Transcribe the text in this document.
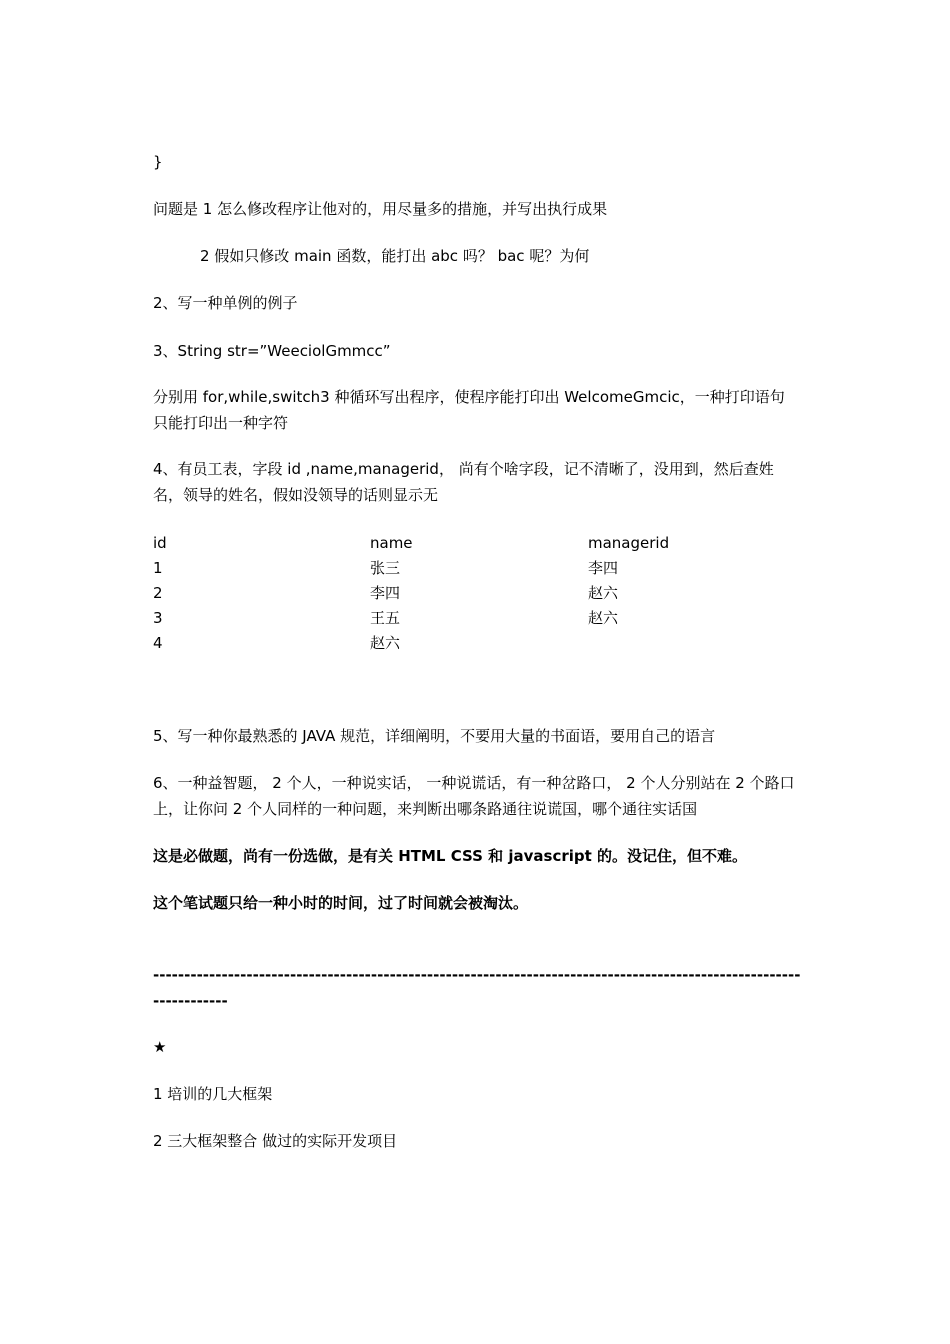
}
问题是 1 怎么修改程序让他对的，用尽量多的措施，并写出执行成果
2 假如只修改 main 函数，能打出 abc 吗？ bac 呢？为何
2、写一种单例的例子
3、String str=”WeeciolGmmcc”
分别用 for,while,switch3 种循环写出程序，使程序能打印出 WelcomeGmcic，一种打印语句只能打印出一种字符
4、有员工表，字段 id ,name,managerid， 尚有个啥字段，记不清晰了，没用到，然后查姓名，领导的姓名，假如没领导的话则显示无
id	name	managerid
1	张三	李四
2	李四	赵六
3	王五	赵六
4	赵六	
5、写一种你最熟悉的 JAVA 规范，详细阐明，不要用大量的书面语，要用自己的语言
6、一种益智题， 2 个人，一种说实话， 一种说谎话，有一种岔路口， 2 个人分别站在 2 个路口上，让你问 2 个人同样的一种问题，来判断出哪条路通往说谎国，哪个通往实话国
这是必做题，尚有一份选做，是有关 HTML CSS 和 javascript 的。没记住，但不难。
这个笔试题只给一种小时的时间，过了时间就会被淘汰。
--------------------------------------------------------------------------------------------------------------------
★
1 培训的几大框架
2 三大框架整合 做过的实际开发项目
